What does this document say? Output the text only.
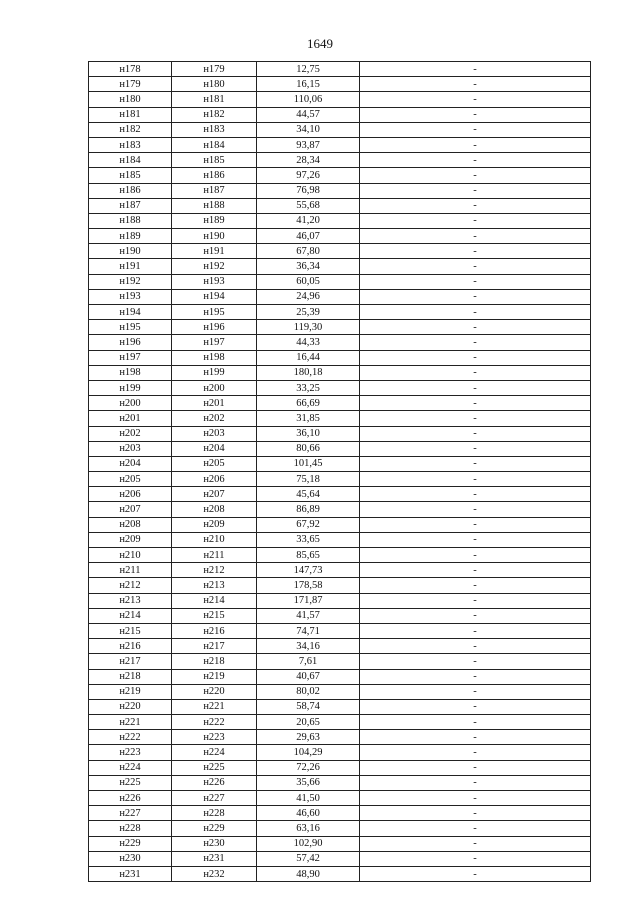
1649
н178	н179	12,75	-
н179	н180	16,15	-
н180	н181	110,06	-
н181	н182	44,57	-
н182	н183	34,10	-
н183	н184	93,87	-
н184	н185	28,34	-
н185	н186	97,26	-
н186	н187	76,98	-
н187	н188	55,68	-
н188	н189	41,20	-
н189	н190	46,07	-
н190	н191	67,80	-
н191	н192	36,34	-
н192	н193	60,05	-
н193	н194	24,96	-
н194	н195	25,39	-
н195	н196	119,30	-
н196	н197	44,33	-
н197	н198	16,44	-
н198	н199	180,18	-
н199	н200	33,25	-
н200	н201	66,69	-
н201	н202	31,85	-
н202	н203	36,10	-
н203	н204	80,66	-
н204	н205	101,45	-
н205	н206	75,18	-
н206	н207	45,64	-
н207	н208	86,89	-
н208	н209	67,92	-
н209	н210	33,65	-
н210	н211	85,65	-
н211	н212	147,73	-
н212	н213	178,58	-
н213	н214	171,87	-
н214	н215	41,57	-
н215	н216	74,71	-
н216	н217	34,16	-
н217	н218	7,61	-
н218	н219	40,67	-
н219	н220	80,02	-
н220	н221	58,74	-
н221	н222	20,65	-
н222	н223	29,63	-
н223	н224	104,29	-
н224	н225	72,26	-
н225	н226	35,66	-
н226	н227	41,50	-
н227	н228	46,60	-
н228	н229	63,16	-
н229	н230	102,90	-
н230	н231	57,42	-
н231	н232	48,90	-
